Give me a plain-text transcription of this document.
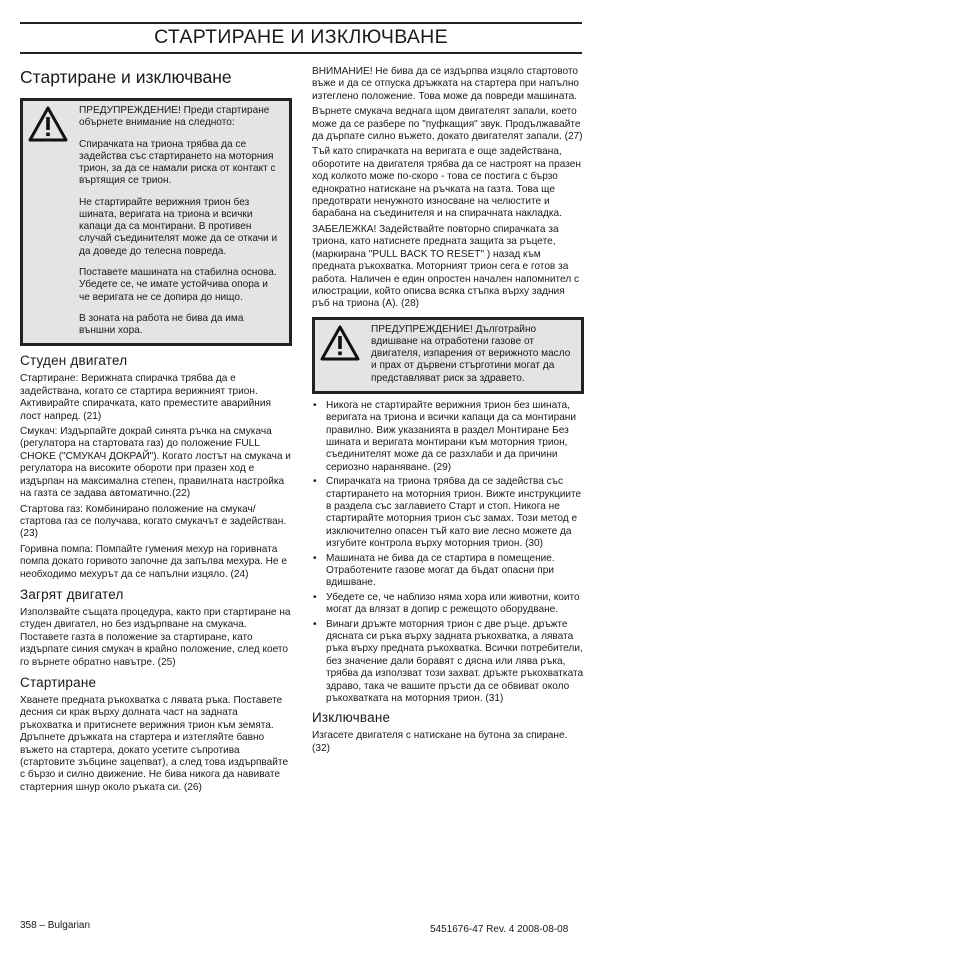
СТАРТИРАНЕ И ИЗКЛЮЧВАНЕ
Стартиране и изключване

ПРЕДУПРЕЖДЕНИЕ! Преди стартиране обърнете внимание на следното:

Спирачката на триона трябва да се задейства със стартирането на моторния трион, за да се намали риска от контакт с въртящия се трион.

Не стартирайте верижния трион без шината, веригата на триона и всички капаци да са монтирани. В противен случай съединителят може да се откачи и да доведе до телесна повреда.

Поставете машината на стабилна основа. Убедете се, че имате устойчива опора и че веригата не се допира до нищо.

В зоната на работа не бива да има външни хора.

Студен двигател

Стартиране: Верижната спирачка трябва да е задействана, когато се стартира верижният трион. Активирайте спирачката, като преместите аварийния лост напред. (21)

Смукач: Издърпайте докрай синята ръчка на смукача (регулатора на стартовата газ) до положение FULL CHOKE ("СМУКАЧ ДОКРАЙ"). Когато лостът на смукача и регулатора на високите обороти при празен ход е издърпан на максимална степен, правилната настройка на газта се задава автоматично.(22)

Стартова газ: Комбинирано положение на смукач/стартова газ се получава, когато смукачът е задействан. (23)

Горивна помпа: Помпайте гумения мехур на горивната помпа докато горивото започне да запълва мехура. Не е необходимо мехурът да се напълни изцяло. (24)

Загрят двигател

Използвайте същата процедура, както при стартиране на студен двигател, но без издърпване на смукача. Поставете газта в положение за стартиране, като издърпате синия смукач в крайно положение, след което го върнете обратно навътре. (25)

Стартиране

Хванете предната ръкохватка с лявата ръка. Поставете десния си крак върху долната част на задната ръкохватка и притиснете верижния трион към земята. Дръпнете дръжката на стартера и изтегляйте бавно въжето на стартера, докато усетите съпротива (стартовите зъбцине зацепват), а след това издърпвайте с бързо и силно движение. Не бива никога да навивате стартерния шнур около ръката си. (26)

ВНИМАНИЕ! Не бива да се издърпва изцяло стартовото въже и да се отпуска дръжката на стартера при напълно изтеглено положение. Това може да повреди машината.

Върнете смукача веднага щом двигателят запали, което може да се разбере по "пуфкащия" звук. Продължавайте да дърпате силно въжето, докато двигателят запали. (27)

Тъй като спирачката на веригата е още задействана, оборотите на двигателя трябва да се настроят на празен ход колкото може по-скоро - това се постига с бързо еднократно натискане на ръчката на газта. Това ще предотврати ненужното износване на челюстите и барабана на съединителя и на спирачната накладка.

ЗАБЕЛЕЖКА! Задействайте повторно спирачката за триона, като натиснете предната защита за ръцете, (маркирана "PULL BACK TO RESET" ) назад към предната ръкохватка. Моторният трион сега е готов за работа. Наличен е един опростен начален напомнител с илюстрации, който описва всяка стъпка върху задния ръб на триона (А). (28)

ПРЕДУПРЕЖДЕНИЕ! Дълготрайно вдишване на отработени газове от двигателя, изпарения от верижното масло и прах от дървени стърготини могат да представляват риск за здравето.

• Никога не стартирайте верижния трион без шината, веригата на триона и всички капаци да са монтирани правилно. Виж указанията в раздел Монтиране Без шината и веригата монтирани към моторния трион, съединителят може да се разхлаби и да причини сериозно нараняване. (29)
• Спирачката на триона трябва да се задейства със стартирането на моторния трион. Вижте инструкциите в раздела със заглавието Старт и стоп. Никога не стартирайте моторния трион със замах. Този метод е изключително опасен тъй като вие лесно можете да изгубите контрола върху моторния трион. (30)
• Машината не бива да се стартира в помещение. Отработените газове могат да бъдат опасни при вдишване.
• Убедете се, че наблизо няма хора или животни, които могат да влязат в допир с режещото оборудване.
• Винаги дръжте моторния трион с две ръце. дръжте дясната си ръка върху задната ръкохватка, а лявата ръка върху предната ръкохватка. Всички потребители, без значение дали боравят с дясна или лява ръка, трябва да използват този захват. дръжте ръкохватката здраво, така че вашите пръсти да се обвиват около ръкохватката на моторния трион. (31)
Изключване

Изгасете двигателя с натискане на бутона за спиране. (32)

358 – Bulgarian	5451676-47 Rev. 4 2008-08-08
